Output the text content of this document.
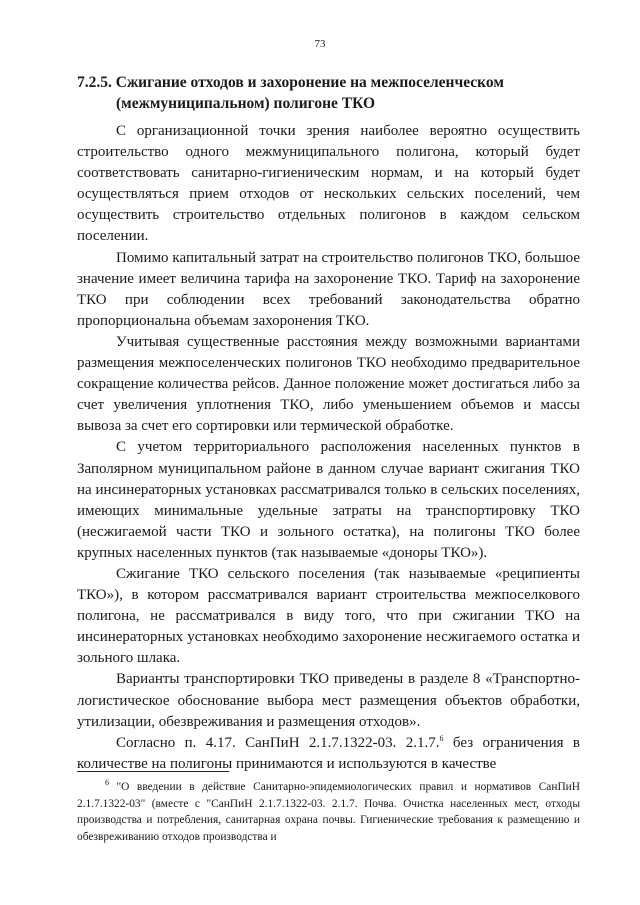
73
7.2.5. Сжигание отходов и захоронение на межпоселенческом (межмуниципальном) полигоне ТКО

С организационной точки зрения наиболее вероятно осуществить строительство одного межмуниципального полигона, который будет соответствовать санитарно-гигиеническим нормам, и на который будет осуществляться прием отходов от нескольких сельских поселений, чем осуществить строительство отдельных полигонов в каждом сельском поселении.

Помимо капитальный затрат на строительство полигонов ТКО, большое значение имеет величина тарифа на захоронение ТКО. Тариф на захоронение ТКО при соблюдении всех требований законодательства обратно пропорциональна объемам захоронения ТКО.

Учитывая существенные расстояния между возможными вариантами размещения межпоселенческих полигонов ТКО необходимо предварительное сокращение количества рейсов. Данное положение может достигаться либо за счет увеличения уплотнения ТКО, либо уменьшением объемов и массы вывоза за счет его сортировки или термической обработке.

С учетом территориального расположения населенных пунктов в Заполярном муниципальном районе в данном случае вариант сжигания ТКО на инсинераторных установках рассматривался только в сельских поселениях, имеющих минимальные удельные затраты на транспортировку ТКО (несжигаемой части ТКО и зольного остатка), на полигоны ТКО более крупных населенных пунктов (так называемые «доноры ТКО»).

Сжигание ТКО сельского поселения (так называемые «реципиенты ТКО»), в котором рассматривался вариант строительства межпоселкового полигона, не рассматривался в виду того, что при сжигании ТКО на инсинераторных установках необходимо захоронение несжигаемого остатка и зольного шлака.

Варианты транспортировки ТКО приведены в разделе 8 «Транспортно-логистическое обоснование выбора мест размещения объектов обработки, утилизации, обезвреживания и размещения отходов».

Согласно п. 4.17. СанПиН 2.1.7.1322-03. 2.1.7.$^6$ без ограничения в количестве на полигоны принимаются и используются в качестве

$^6$ "О введении в действие Санитарно-эпидемиологических правил и нормативов СанПиН 2.1.7.1322-03" (вместе с "СанПиН 2.1.7.1322-03. 2.1.7. Почва. Очистка населенных мест, отходы производства и потребления, санитарная охрана почвы. Гигиенические требования к размещению и обезвреживанию отходов производства и
